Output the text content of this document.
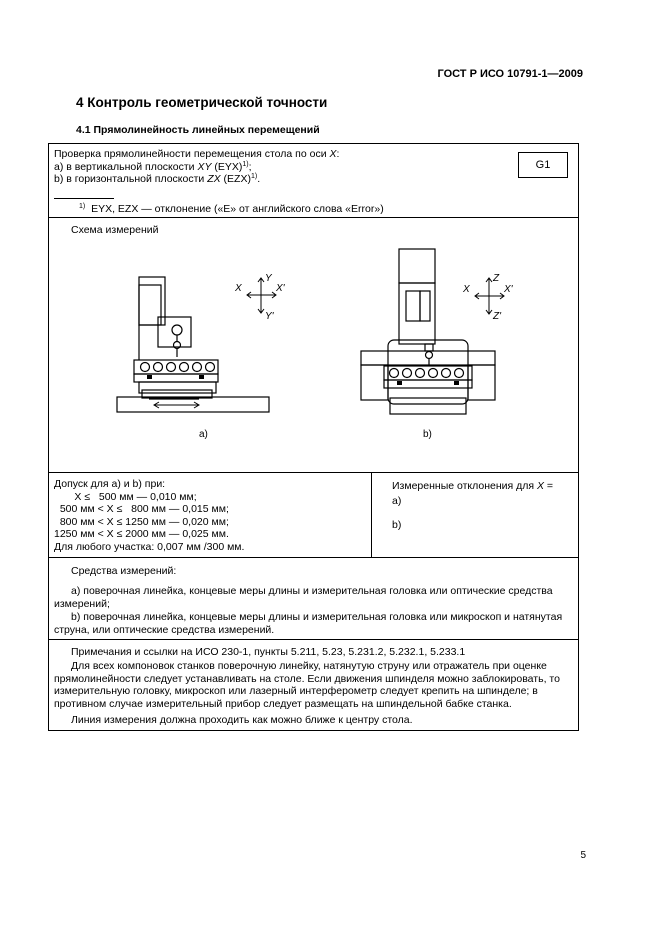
ГОСТ Р ИСО 10791-1—2009
4 Контроль геометрической точности
4.1 Прямолинейность линейных перемещений
Проверка прямолинейности перемещения стола по оси X:
а) в вертикальной плоскости XY (EYX)$^{1)}$;
b) в горизонтальной плоскости ZX (EZX)$^{1)}$.
G1
$^{1)}$ EYX, EZX — отклонение («E» от английского слова «Error»)
Схема измерений
X	X'
Y
Y'
X	X'
Z
Z'
a)	b)
Допуск для а) и b) при:
X ≤   500 мм — 0,010 мм;
500 мм < X ≤   800 мм — 0,015 мм;
800 мм < X ≤ 1250 мм — 0,020 мм;
1250 мм < X ≤ 2000 мм — 0,025 мм.
Для любого участка: 0,007 мм /300 мм.
Измеренные отклонения для X =
a)
b)
Средства измерений:
а) поверочная линейка, концевые меры длины и измерительная головка или оптические средства измерений;
b) поверочная линейка, концевые меры длины и измерительная головка или микроскоп и натянутая струна, или оптические средства измерений.
Примечания и ссылки на ИСО 230-1, пункты 5.211, 5.23, 5.231.2, 5.232.1, 5.233.1
Для всех компоновок станков поверочную линейку, натянутую струну или отражатель при оценке прямолинейности следует устанавливать на столе. Если движения шпинделя можно заблокировать, то измерительную головку, микроскоп или лазерный интерферометр следует крепить на шпинделе; в противном случае измерительный прибор следует размещать на шпиндельной бабке станка.
Линия измерения должна проходить как можно ближе к центру стола.
5
